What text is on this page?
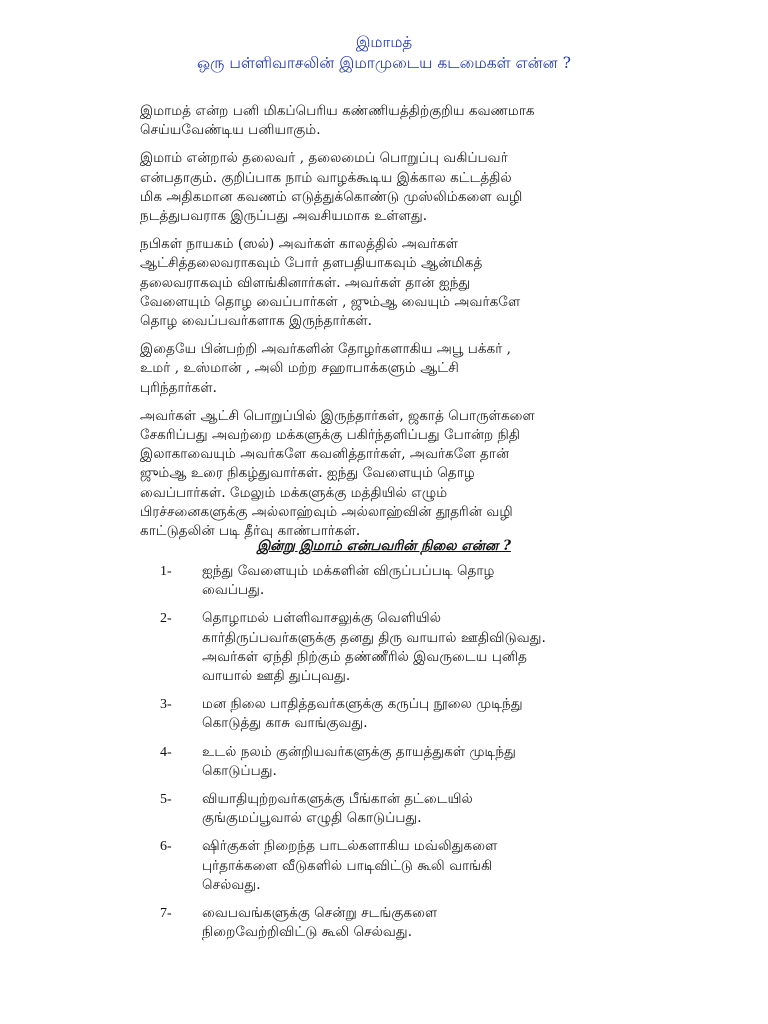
இமாமத்
ஒரு பள்ளிவாசலின் இமாமுடைய கடமைகள் என்ன ?
இமாமத் என்ற பனி மிகப்பெரிய கண்ணியத்திற்குறிய கவணமாக
செய்யவேண்டிய பனியாகும்.
இமாம் என்றால் தலைவர் , தலைமைப் பொறுப்பு வகிப்பவர்
என்பதாகும். குறிப்பாக நாம் வாழக்கூடிய இக்கால கட்டத்தில்
மிக அதிகமான கவணம் எடுத்துக்கொண்டு முஸ்லிம்களை வழி
நடத்துபவராக இருப்பது அவசியமாக உள்ளது.
நபிகள் நாயகம் (ஸல்) அவர்கள் காலத்தில் அவர்கள்
ஆட்சித்தலைவராகவும் போர் தளபதியாகவும் ஆன்மிகத்
தலைவராகவும் விளங்கினார்கள். அவர்கள் தான் ஐந்து
வேளையும் தொழ வைப்பார்கள் , ஜும்ஆ வையும் அவர்களே
தொழ வைப்பவர்களாக இருந்தார்கள்.
இதையே பின்பற்றி அவர்களின் தோழர்களாகிய அபூ பக்கர் ,
உமர் , உஸ்மான் , அலி மற்ற சஹாபாக்களும் ஆட்சி
புரிந்தார்கள்.
அவர்கள் ஆட்சி பொறுப்பில் இருந்தார்கள், ஜகாத் பொருள்களை
சேகரிப்பது அவற்றை மக்களுக்கு பகிர்ந்தளிப்பது போன்ற நிதி
இலாகாவையும் அவர்களே கவனித்தார்கள், அவர்களே தான்
ஜும்ஆ உரை நிகழ்துவார்கள். ஐந்து வேளையும் தொழ
வைப்பார்கள். மேலும் மக்களுக்கு மத்தியில் எழும்
பிரச்சனைகளுக்கு அல்லாஹ்வும் அல்லாஹ்வின் தூதரின் வழி
காட்டுதலின் படி தீர்வு காண்பார்கள்.
இன்று இமாம் என்பவரின் நிலை என்ன ?
1-	ஐந்து வேளையும் மக்களின் விருப்பப்படி தொழ
வைப்பது.
2-	தொழாமல் பள்ளிவாசலுக்கு வெளியில்
கார்திருப்பவர்களுக்கு தனது திரு வாயால் ஊதிவிடுவது.
அவர்கள் ஏந்தி நிற்கும் தண்ணீரில் இவருடைய புனித
வாயால் ஊதி துப்புவது.
3-	மன நிலை பாதித்தவர்களுக்கு கருப்பு நூலை முடிந்து
கொடுத்து காசு வாங்குவது.
4-	உடல் நலம் குன்றியவர்களுக்கு தாயத்துகள் முடிந்து
கொடுப்பது.
5-	வியாதியுற்றவர்களுக்கு பீங்கான் தட்டையில்
குங்குமப்பூவால் எழுதி கொடுப்பது.
6-	ஷிர்குகள் நிறைந்த பாடல்களாகிய மவ்லிதுகளை
புர்தாக்களை வீடுகளில் பாடிவிட்டு கூலி வாங்கி
செல்வது.
7-	வைபவங்களுக்கு சென்று சடங்குகளை
நிறைவேற்றிவிட்டு கூலி செல்வது.
